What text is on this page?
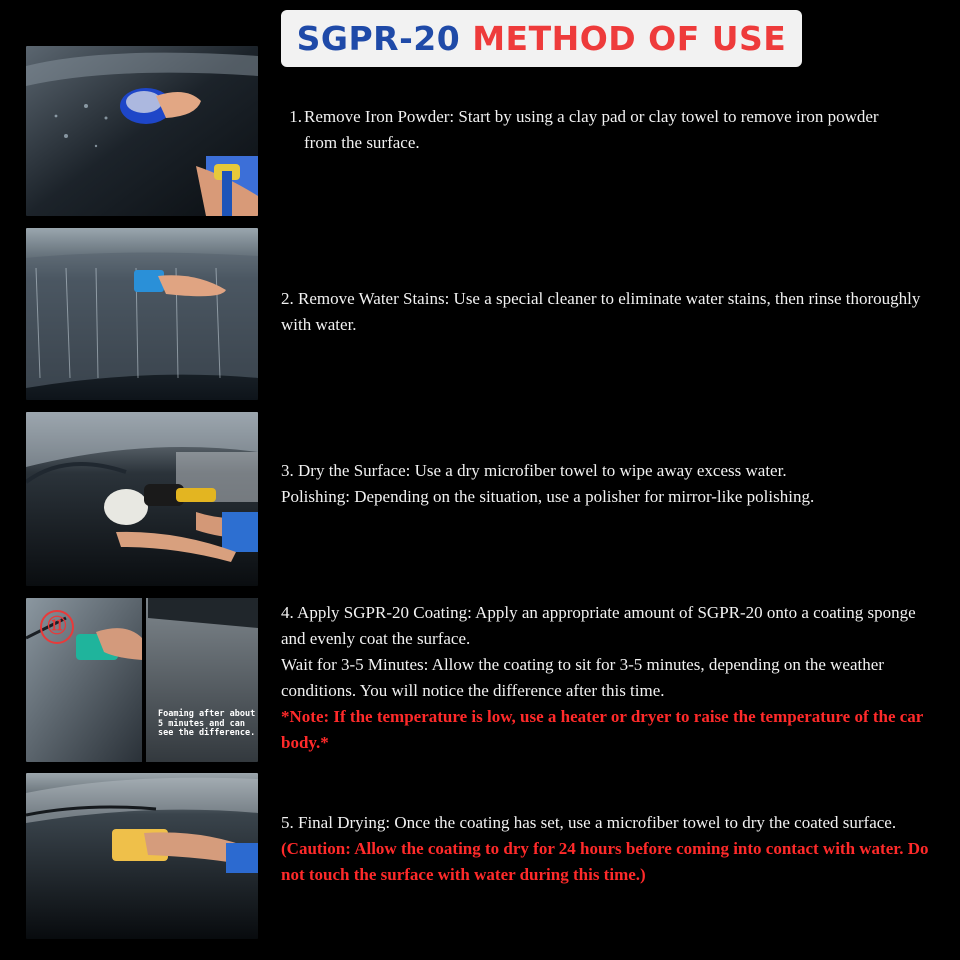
SGPR-20 METHOD OF USE
1. Remove Iron Powder: Start by using a clay pad or clay towel to remove iron powder from the surface.

2. Remove Water Stains: Use a special cleaner to eliminate water stains, then rinse thoroughly with water.

3. Dry the Surface: Use a dry microfiber towel to wipe away excess water.

Polishing: Depending on the situation, use a polisher for mirror-like polishing.

⑪
Foaming after about 5 minutes and can see the difference.

4. Apply SGPR-20 Coating: Apply an appropriate amount of SGPR-20 onto a coating sponge and evenly coat the surface.

Wait for 3-5 Minutes: Allow the coating to sit for 3-5 minutes, depending on the weather conditions. You will notice the difference after this time.

*Note: If the temperature is low, use a heater or dryer to raise the temperature of the car body.*

5. Final Drying: Once the coating has set, use a microfiber towel to dry the coated surface.

(Caution: Allow the coating to dry for 24 hours before coming into contact with water. Do not touch the surface with water during this time.)
